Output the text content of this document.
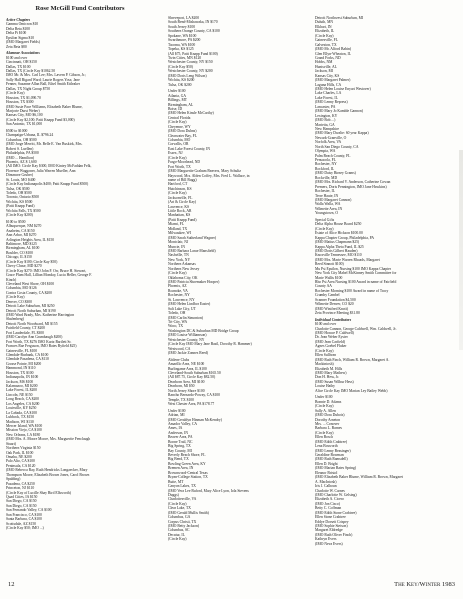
Rose McGill Fund Contributors
Active Chapters
Gamma Omicron $10
Delta Beta $100
Delta Pi $100
Epsilon Sigma $10
(IMO Margaret Fields)
Zeta Beta $80
Alumnae Associations
$100 and over
Cincinnati, OH $150
Dallas, TX $100
Dallas, TX (Circle Kay $1062.50
IMO Mr. & Mrs. Carl Lee; Mrs. Lavern P. Gibson, Jr.;
Sally Hall Bigard Ward; Laurie Rogers Yoss; Jane
Fenner, Suzanne Allan Ball, Ethel Smith Ettleaker
Dallas, TX Night Group $750
(Circle Kay)
Houston, TX $1,090.70
Houston, TX $300
(IMO Susie Pace Williams, Elizabeth Baker Blume,
Marjorie Durst Weber)
Kansas City, MO $6,100
(Circle Kay $2,100; Patti Knapp Fund $3,000)
San Antonio, TX $1,000
$500 to $1000
Champaign-Urbana, IL $796.24
Columbus, OH $500
(IMO Jorge Merritt, Mr. Belle E. Van Buskirk, Mrs.
Robert S. Luellen)
Philadelphia, PA $500
(IMO ... Hamilton)
Phoenix, AZ $ 1,600
(All IMO: Circle Kay $300, IMO Kintey McFaddan Felk,
Florence Waggoner, Julia Warren Mueller, Ann
Dinsmore Gruber)
St. Louis, MO $400
(Circle Kay Indianapolis $400; Patti Knapp Fund $500)
Tulsa, OK $500
Toledo, OH $500
Toronto, Ontario $500
Wichita, KS $500
(Patti Knapp Fund)
Wichita Falls, TX $500
(Circle Kay $200)
$100 to $500
Albuquerque, NM $270
Anaheim, CA $150
Ann Arbor, MI $270
Arlington Heights Area, IL $150
Baltimore, MD $125
Birmingham, AL $100
Boulder, CO $100
Chicago, IL $150
(Circle Kay $100; Circle Kay $50)
Chevy Chase, MD $270
(Circle Kay $270: IMO John F. Orr, Bruce H. Stewart,
Grace Plum Hall, Lillian Monday, Lucia Heller, George F.
Kinch)
Cleveland West Shore, OH $100
Columbia, MO $126
Contra Costa County, CA $200
(Circle Kay)
Denver, CO $300
Detroit Lake Suburban, MI $250
Detroit North Suburban, MI $190
(IMO Ward Brady, Mrs. Katherine Harrington
Shafenberg)
Detroit North Woodward, MI $155
Fairfield County, CT $200
Fort Lauderdale, FL $300
(IMO Carolyn Ann Grumbaugh $200)
Fort Worth, TX $276 IMO Kurtz Bartlett Sr.
Frances Rae Ferguson, IMO Bates Byfield $25)
Gainesville, FL $100
Glendale-Burbank, CA $100
Glendale Pasadena, CA $110
Grosse Pointe, MI $200
Hammond, IN $110
Houston, TX $100
Indianapolis, IN $100
Jackson, MS $100
Kalamazoo, MI $200
Lake Forest, IL $200
Lincoln, NE $150
Long Beach, CA $200
Los Angeles, CA $200
Louisville, KY $250
La Cañada, CA $100
Lubbock, TX $150
Madison, WI $130
Mercer Island, WA $100
Mission Viejo, CA $100
New Orleans, LA $180
(IMO Mrs. A. Moore Moore, Mrs. Marguerite Fenclaugh
Stuart)
Northern Virginia $150
Oak Park, IL $100
Omaha, NE $200
Palo Alto, CA $100
Peninsula, CA $120
(IMO Rebecca Ray, Ruth Hendricks Longaecker, Mary
Thompson Moore, Elizabeth Brown Jones, Carol Brown
Spalding)
Pasadena, CA $250
Princeton, NJ $110
(Circle Kay of Lucille Shay Bird Ellsworth)
Quad Cities, IA $150
San Diego, CA $150
San Diego, CA $150
San Fernando Valley, CA $100
San Francisco, CA $100
Santa Barbara, CA $100
Scottsdale, AZ $150
(Circle Kay $50; IMO ...)
Shreveport, LA $200
South Bend-Mishawaka, IN $170
South Jersey $100
Southern Orange County, CA $100
Spokane, WA $100
Swarthmore, PA $200
Tacoma, WA $100
Topeka, KS $125
(All $75, Patti Knapp Fund $100)
Twin Cities, MN $120
Westchester County, NY $150
(Circle Kay $50)
Westchester County, NY $200
(IMO Doris Leng Wilson)
Wichita, KS $200
Tulsa, OK $200
Under $100
Atlanta, GA
Billings, MT
Birmingham, AL
Boise, ID
(IMO Helen Kinsle McCarthy)
Central Florida
(Circle Kay)
Cheyenne, WY
(IMO Dora Duhns)
Clearwater Bay, FL
Columbia, MO
Corvallis, OR
East Lake Forest County, IN
Essex, NJ
(Circle Kay)
Fargo-Moorhead, ND
Fort Worth, TX
(IMO Marguerite Graham Beavers, Mary Schultz
Haywood, Mrs. Alden Coffey, Mrs. Fred L. Wallace, in
name of Bill Bugg)
Hartford, CT
Hutchinson, KS
(Circle Kay)
Jacksonville, FL
(Art & Circle Kay)
Lawrence, KS
Little Rock, AR
Manhattan, KS
(Patti Knapp Fund)
Miami, FL
Midland, TX
Milwaukee, WI
(IMO Sarah Sutherland Wagner)
Montclair, NJ
Muncie, IN
(IMO Barbara Larue Mansfield)
Nashville, TN
New York, NY
Northern Arkansas
Northern New Jersey
(Circle Kay)
Oklahoma City, OK
(IMO Patricia Shoemaker Hooper)
Phoenix, AZ
Roanoke, VA
Rochester, NY
St. Lawrence, NY
(IMO Helen Lindbor Easter)
Salt Lake City, UT
Toledo, OH
(IMO Carlin Simonton)
Tri-City, WA
Waco, TX
Washington DC & Suburban MD Bridge Group
(IMO Louise Williamson)
Westchester County, NY
(Circle Kay IMO Mary Jane Basil, Dorothy R. Hammer)
Westwood, CA
(IMO Jackie Zonnes Reed)
Abilene Clubs
Amarillo Area, NE $100
Burlingame Area, IL $100
Cleveland-South Suburban $165.50
(All $87.75, Circle Kay $82.50)
Dearborn Area, MI $100
Dearborn, Ml $50
North Jersey Shore $100
Rancho Bernardo-Poway, CA $100
Temple, TX $100
West Chester Area, PA $178.77
Under $100
Adrian, MI
(IMO Geraldyn Hinman McKendry)
Amador Valley, CA
Ames, IA
Anderson, IN
Beaver Area, PA
Boone Trail, NC
Big Spring, TX
Bay County, MI
Beverly Beach Shore, FL
Big Bend, TX
Bowling Green Area, KY
Bremen Area, IN
Brownwood-Central Texas
Bryan-College Station, TX
Butte, MT
Canyon Lakes, TX
(IMO Vera Lee Buford, Mary Alice Lyon, Iola Stevens
Duggs)
Charlottesville, VA
(Circle Kay)
Clear Lake, TX
(IMO Gerald Mullis Smith)
Columbus, GA
Corpus Christi, TX
(IMO Betty Jackson)
Columbus, SC
Decatur, IL
(Circle Kay)
Detroit Northwest Suburban, MI
Duluth, MN
Elkhart, IN
Elizabeth, IL
(Circle Kay)
Gainesville, FL
Galveston, TX
(IMO Mr. Alford Babin)
Glen Ellyn-Wheaton, IL
Grand Forks, ND
Hobbs, NM
Huntsville, AL
Jackson, MI
Kansas City, KS
(IMO Margaret Palmer)
Laguna Hills, CA
(IMO Helen Louise Enyart Westover)
Lake Charles, LA
Lake Forest, IL
(IMO Lenny Repress)
Lancaster, PA
(IMO Mary Jo Kamble Gannon)
Lexington, KY
(IMO Bob ...)
Marietta, GA
New Hampshire
(IMO Mary Dwalte: 60 year Kappa)
Newark-Granville, O
Norfolk Area, VA
North San Diego County, CA
Olympia, WA
Palm Beach County, FL
Pensacola, FL
Rochester, NY
Rockford, IL
(IMO Daisy Birney Grams)
Rockville, MD
(IMO Mrs. Richard V. Anderson, Catherine Cowan
Premers, Doris Pennington, IMO Jane Hawkins)
Rochester, IL
Terre Haute, IN
(IMO Margaret Cannon)
Walla Walla, WA
Wilmette Area, IN
Youngstown, O
Special Gifts
Delta Alpha House Board $250
(Circle Kay)
Estate of Alice Hickson $100.00
Kappa Chapter Group, Philadelphia, PA
(IMO Mattus Chapmann $25)
Kappa Alpha Theta Fund, IL $25
(IMO Doris Gilbert Hauden)
Knoxville Tennessee, MO $110
(IMO Mrs. Marie Warren Rhoads, Margaret
Reed Sinnott $100)
Mu Psi Epsilon, Nursing $100 IMO Kappa Chapter
New York City Mabel McKinney Smith Committee for
Marie Wallis $100
Rho Psi Area Nursing $100 Award in name of Fairfield
County AA
Rochester Morning $100 Award in name of Tracy
Crumby Cambel
Scanner Foundation $4,500
Wilmette Denver, CO $20
(IMO Winifred Knott)
Zeta Province Meeting $31.80
Individual Contributors
$100 and over
Charlotte Cannon, George Caldwell, Wm. Caldwell, Jr.
(IMO Horace P. Caldwell)
Dr. Jean Weber Eyster
(IMO Jean Carfield)
Agnes Goebel Fluker
(Circle Kay)
Ellen Sullivan
(IMO Ruth Finch, William R. Brown, Margaret A.
Mackintosh)
Elizabeth M. Hills
(IMO Mary Mathew)
Don H. Hess, Jr.
(IMO Susan Wilbur Hess)
Louise Hathy
Alice Circle Kay IMO Marian Ley Bailey Webb)
Under $100
Bonnie D. Adams
(Circle Kay)
Sally A. Allen
(IMO Dora Dubois)
Dorothy Arneton
Mrs. ... Conover
Barbara L. Barnes
(Circle Kay)
Ellen Bosch
(IMO Edith Crabtree)
Lena Bosworth
(IMO Lenny Beasinger)
Geraldine Bowman
(IMO Ruth Ramsdell)
Ellen D. Bright
(IMO Marian Bates Spring)
Eleanor Bristol
(IMO Elizabeth Baker Blume, William R. Brown, Margaret
A. MacIntosh)
Iris J. Calhoun
Charlotte W. Carnes
(IMO Charlotte W. Gelsing)
Elizabeth A. Cicero
(IMO Jon Cisco)
Betty C. Coffman
(IMO Edith Stone Crabtree)
Ellen Stone Crabtree
Eddye Dorsett Crispey
(IMO Sophie Stetson)
Margaret Eldredge
(IMO Ruth Oliver Finch)
Kathryn Evers
(IMO Neva Evers)
12	The Key/Winter 1983
